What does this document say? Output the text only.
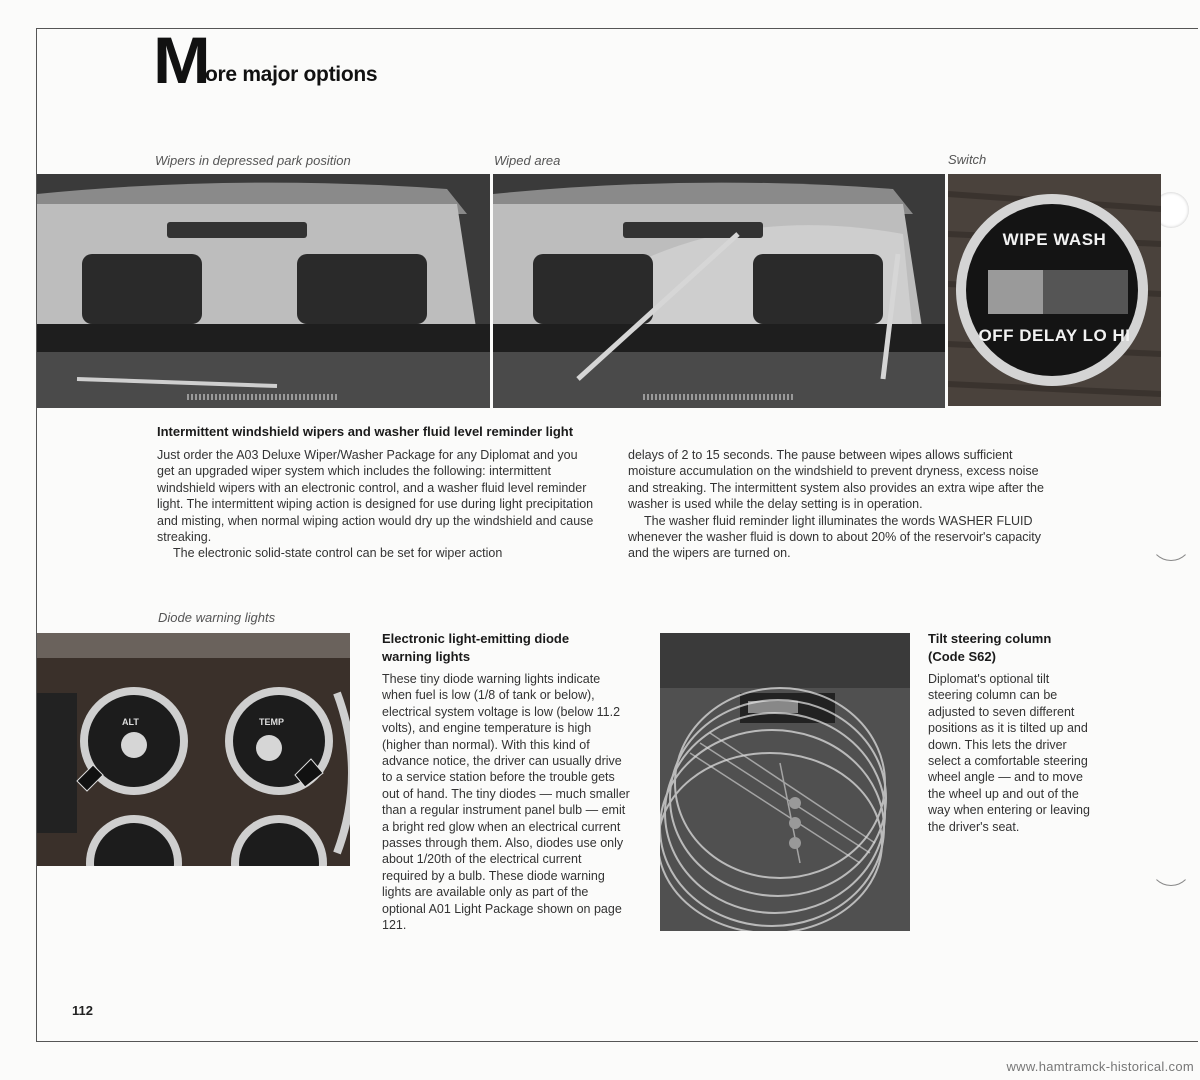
M
ore major options
Wipers in depressed park position	Wiped area	Switch
WIPE WASH
OFF DELAY LO HI
Intermittent windshield wipers and washer fluid level reminder light

Just order the A03 Deluxe Wiper/Washer Package for any Diplomat and you get an upgraded wiper system which includes the following: intermittent windshield wipers with an electronic control, and a washer fluid level reminder light. The intermittent wiping action is designed for use during light precipitation and misting, when normal wiping action would dry up the windshield and cause streaking.

The electronic solid-state control can be set for wiper action

delays of 2 to 15 seconds. The pause between wipes allows sufficient moisture accumulation on the windshield to prevent dryness, excess noise and streaking. The intermittent system also provides an extra wipe after the washer is used while the delay setting is in operation.

The washer fluid reminder light illuminates the words WASHER FLUID whenever the washer fluid is down to about 20% of the reservoir's capacity and the wipers are turned on.

Diode warning lights
ALT	TEMP
Electronic light-emitting diode
warning lights

These tiny diode warning lights indicate when fuel is low (1/8 of tank or below), electrical system voltage is low (below 11.2 volts), and engine temperature is high (higher than normal). With this kind of advance notice, the driver can usually drive to a service station before the trouble gets out of hand. The tiny diodes — much smaller than a regular instrument panel bulb — emit a bright red glow when an electrical current passes through them. Also, diodes use only about 1/20th of the electrical current required by a bulb. These diode warning lights are available only as part of the optional A01 Light Package shown on page 121.

Tilt steering column
(Code S62)

Diplomat's optional tilt steering column can be adjusted to seven different positions as it is tilted up and down. This lets the driver select a comfortable steering wheel angle — and to move the wheel up and out of the way when entering or leaving the driver's seat.

112
www.hamtramck-historical.com
